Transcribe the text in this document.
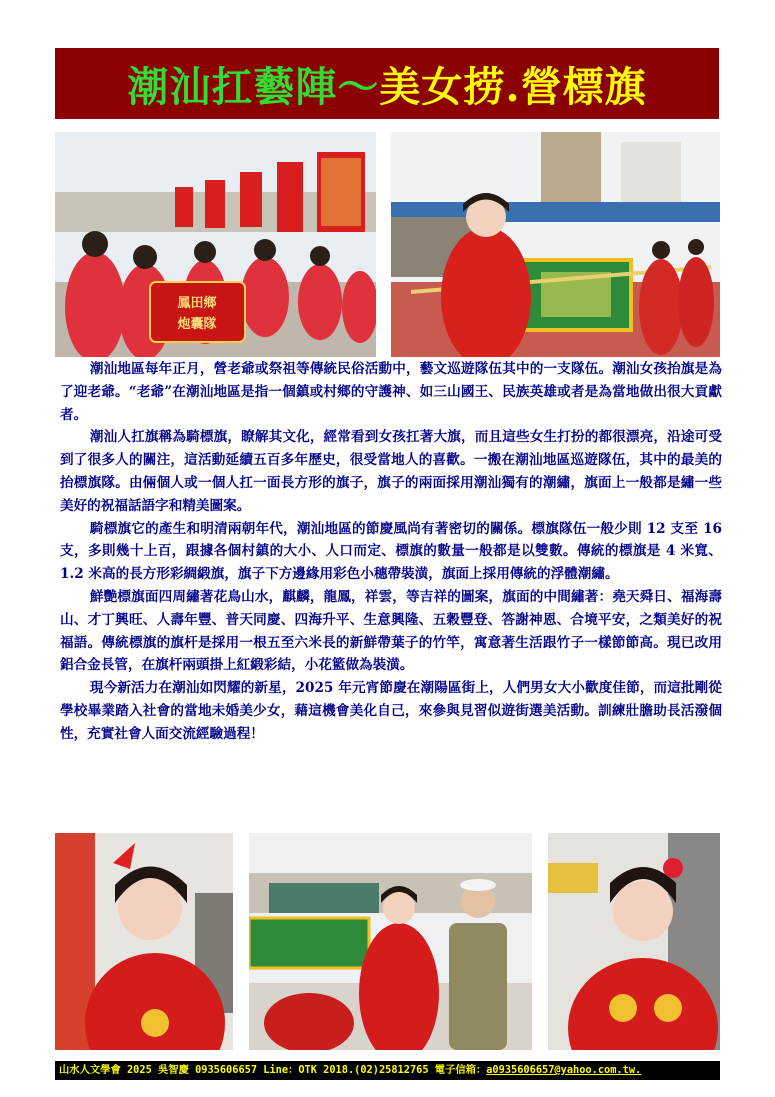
潮汕扛藝陣～ 美女捞.營標旗
鳳田鄉
炮囊隊

潮汕地區每年正月，營老爺或祭祖等傳統民俗活動中，藝文巡遊隊伍其中的一支隊伍。潮汕女孩抬旗是為了迎老爺。“老爺”在潮汕地區是指一個鎮或村鄉的守護神、如三山國王、民族英雄或者是為當地做出很大貢獻者。

潮汕人扛旗稱為騎標旗，瞭解其文化，經常看到女孩扛著大旗，而且這些女生打扮的都很漂亮，沿途可受到了很多人的關注，這活動延續五百多年歷史，很受當地人的喜歡。一搬在潮汕地區巡遊隊伍，其中的最美的抬標旗隊。由倆個人或一個人扛一面長方形的旗子，旗子的兩面採用潮汕獨有的潮繡，旗面上一般都是繡一些美好的祝福話語字和精美圖案。

騎標旗它的產生和明清兩朝年代，潮汕地區的節慶風尚有著密切的關係。標旗隊伍一般少則 12 支至 16 支，多則幾十上百，跟據各個村鎮的大小、人口而定、標旗的數量一般都是以雙數。傳統的標旗是 4 米寬、1.2 米高的長方形彩綢緞旗，旗子下方邊緣用彩色小穗帶裝潢，旗面上採用傳統的浮體潮繡。

鮮艷標旗面四周繡著花鳥山水，麒麟，龍鳳，祥雲，等吉祥的圖案，旗面的中間繡著：堯天舜日、福海壽山、才丁興旺、人壽年豐、普天同慶、四海升平、生意興隆、五穀豐登、答謝神恩、合境平安，之類美好的祝福語。傳統標旗的旗杆是採用一根五至六米長的新鮮帶葉子的竹竿，寓意著生活跟竹子一樣節節高。現已改用鋁合金長管，在旗杆兩頭掛上紅緞彩結，小花籃做為裝潢。

現今新活力在潮汕如閃耀的新星，2025 年元宵節慶在潮陽區街上，人們男女大小歡度佳節，而這批剛從學校畢業踏入社會的當地未婚美少女，藉這機會美化自己，來參與見習似遊街選美活動。訓練壯膽助長活潑個性，充實社會人面交流經驗過程！

山水人文學會 2025 吳智慶 0935606657 Line：OTK 2018.(02)25812765 電子信箱：a0935606657@yahoo.com.tw.
